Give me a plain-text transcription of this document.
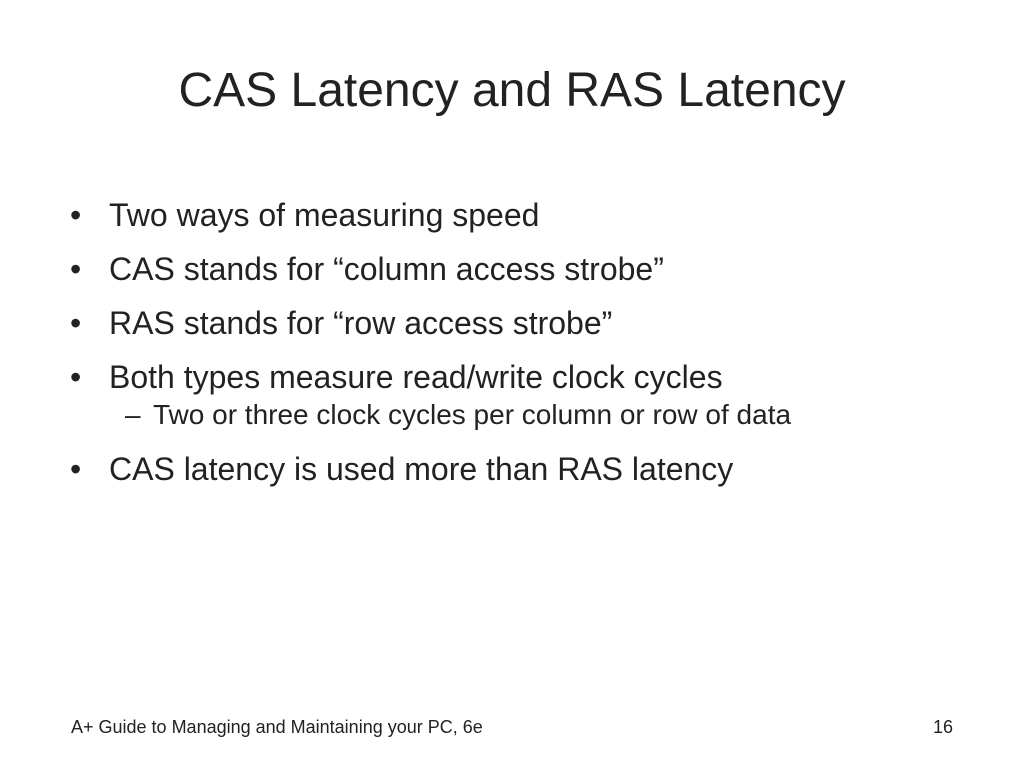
CAS Latency and RAS Latency
• Two ways of measuring speed
• CAS stands for “column access strobe”
• RAS stands for “row access strobe”
• Both types measure read/write clock cycles
– Two or three clock cycles per column or row of data
• CAS latency is used more than RAS latency
A+ Guide to Managing and Maintaining your PC, 6e	16
